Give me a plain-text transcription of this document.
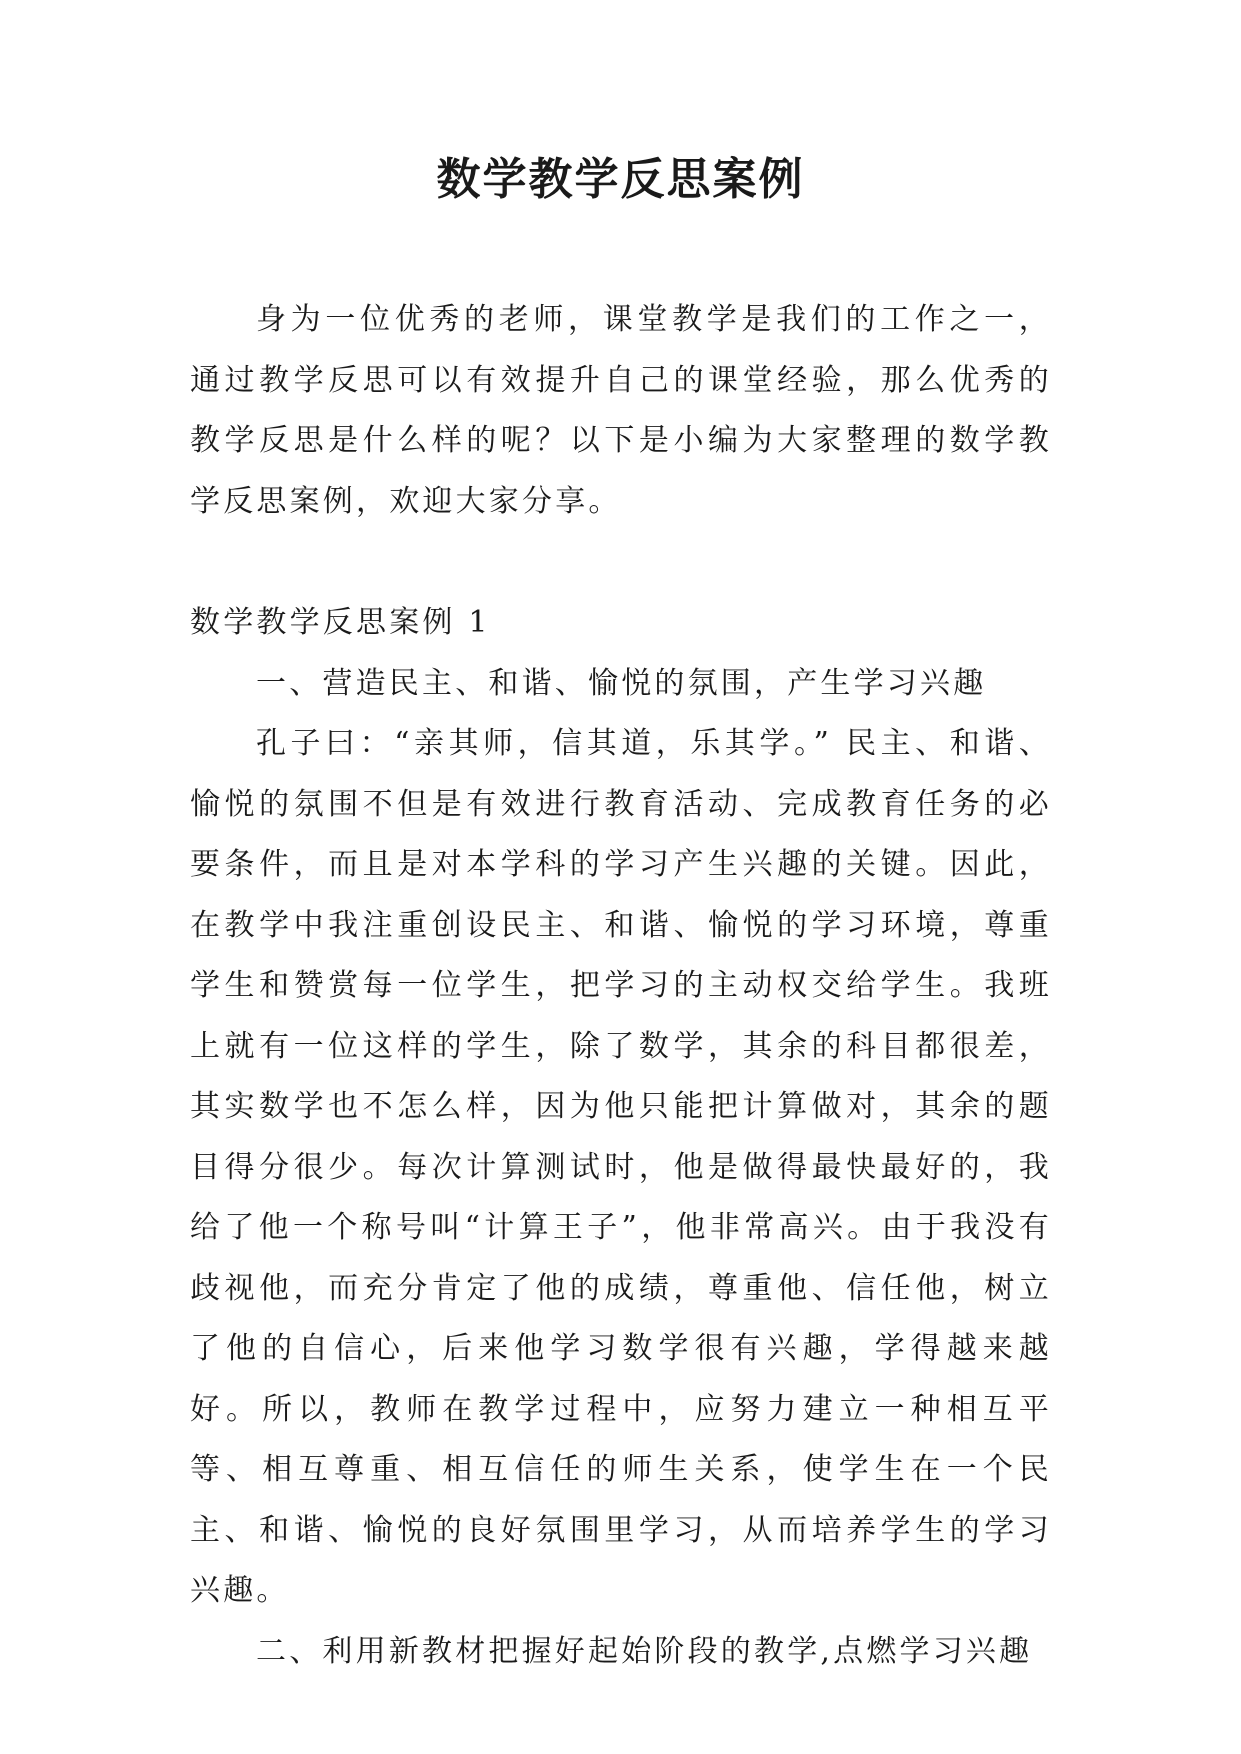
数学教学反思案例

身为一位优秀的老师，课堂教学是我们的工作之一，通过教学反思可以有效提升自己的课堂经验，那么优秀的教学反思是什么样的呢？以下是小编为大家整理的数学教学反思案例，欢迎大家分享。

数学教学反思案例 1

一、营造民主、和谐、愉悦的氛围，产生学习兴趣

孔子曰：“亲其师，信其道，乐其学。” 民主、和谐、愉悦的氛围不但是有效进行教育活动、完成教育任务的必要条件，而且是对本学科的学习产生兴趣的关键。因此，在教学中我注重创设民主、和谐、愉悦的学习环境，尊重学生和赞赏每一位学生，把学习的主动权交给学生。我班上就有一位这样的学生，除了数学，其余的科目都很差，其实数学也不怎么样，因为他只能把计算做对，其余的题目得分很少。每次计算测试时，他是做得最快最好的，我给了他一个称号叫“计算王子”，他非常高兴。由于我没有歧视他，而充分肯定了他的成绩，尊重他、信任他，树立了他的自信心，后来他学习数学很有兴趣，学得越来越好。所以，教师在教学过程中，应努力建立一种相互平等、相互尊重、相互信任的师生关系，使学生在一个民主、和谐、愉悦的良好氛围里学习，从而培养学生的学习兴趣。

二、利用新教材把握好起始阶段的教学,点燃学习兴趣
